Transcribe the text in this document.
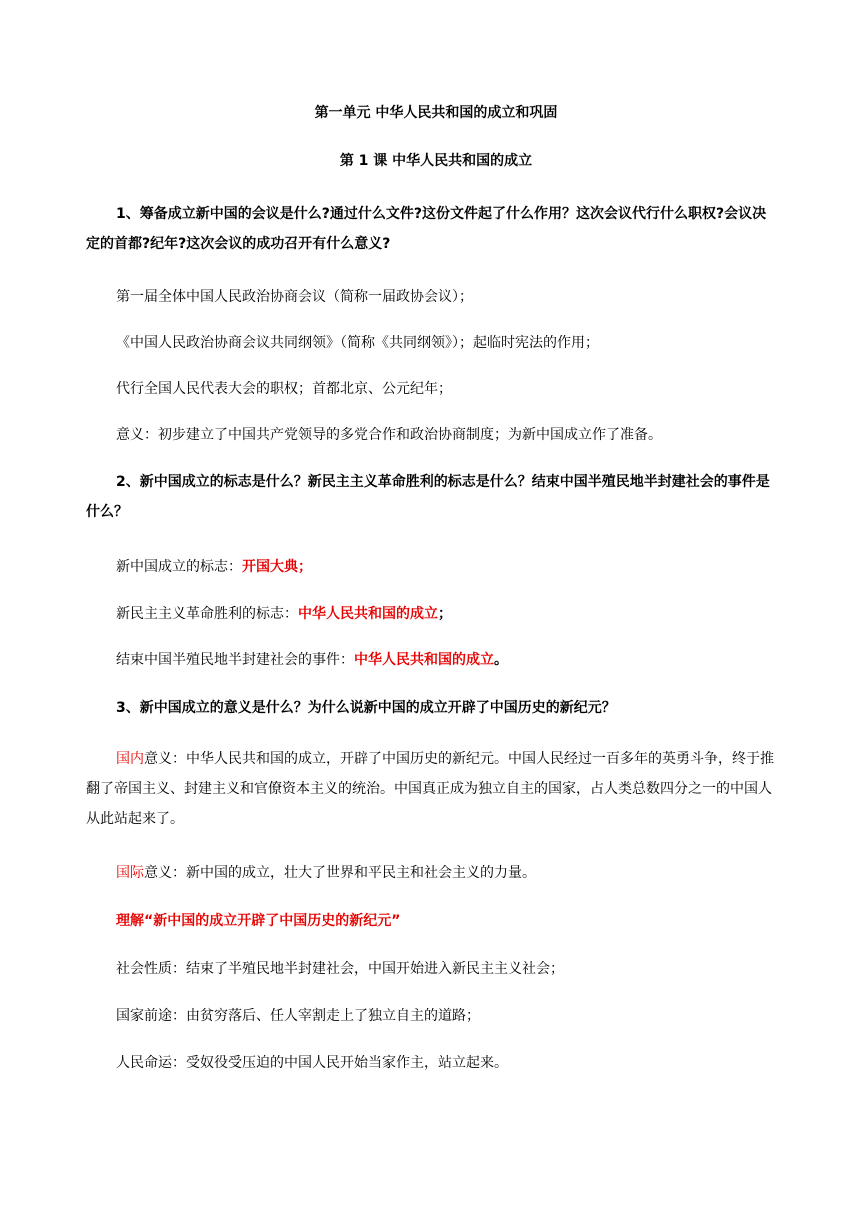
第一单元 中华人民共和国的成立和巩固
第 1 课 中华人民共和国的成立
1、筹备成立新中国的会议是什么?通过什么文件?这份文件起了什么作用？这次会议代行什么职权?会议决定的首都?纪年?这次会议的成功召开有什么意义?
第一届全体中国人民政治协商会议（简称一届政协会议）；
《中国人民政治协商会议共同纲领》（简称《共同纲领》）；起临时宪法的作用；
代行全国人民代表大会的职权；首都北京、公元纪年；
意义：初步建立了中国共产党领导的多党合作和政治协商制度；为新中国成立作了准备。
2、新中国成立的标志是什么？新民主主义革命胜利的标志是什么？结束中国半殖民地半封建社会的事件是什么？
新中国成立的标志：开国大典；
新民主主义革命胜利的标志：中华人民共和国的成立；
结束中国半殖民地半封建社会的事件：中华人民共和国的成立。
3、新中国成立的意义是什么？为什么说新中国的成立开辟了中国历史的新纪元？
国内意义：中华人民共和国的成立，开辟了中国历史的新纪元。中国人民经过一百多年的英勇斗争，终于推翻了帝国主义、封建主义和官僚资本主义的统治。中国真正成为独立自主的国家，占人类总数四分之一的中国人从此站起来了。
国际意义：新中国的成立，壮大了世界和平民主和社会主义的力量。
理解“新中国的成立开辟了中国历史的新纪元”
社会性质：结束了半殖民地半封建社会，中国开始进入新民主主义社会；
国家前途：由贫穷落后、任人宰割走上了独立自主的道路；
人民命运：受奴役受压迫的中国人民开始当家作主，站立起来。
